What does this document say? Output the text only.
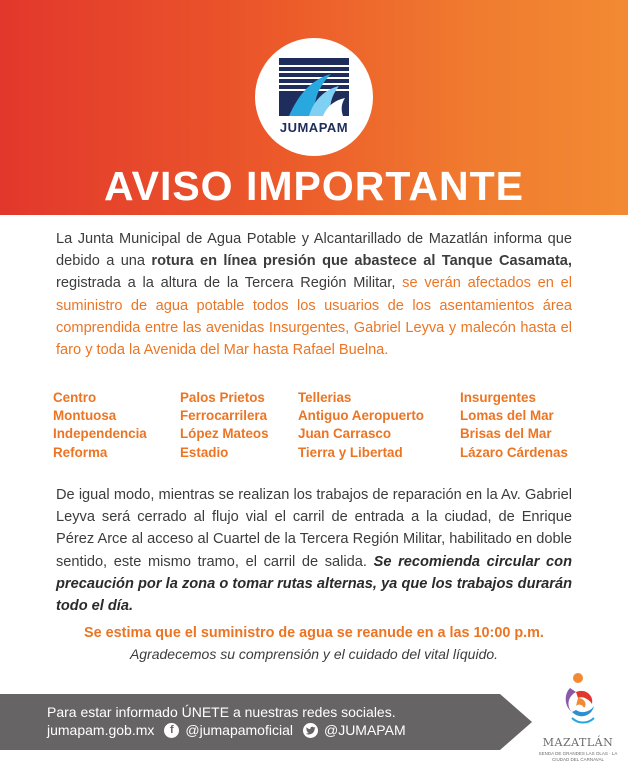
JUMAPAM
AVISO IMPORTANTE

La Junta Municipal de Agua Potable y Alcantarillado de Mazatlán informa que debido a una rotura en línea presión que abastece al Tanque Casamata, registrada a la altura de la Tercera Región Militar, se verán afectados en el suministro de agua potable todos los usuarios de los asentamientos área comprendida entre las avenidas Insurgentes, Gabriel Leyva y malecón hasta el faro y toda la Avenida del Mar hasta Rafael Buelna.

Centro
Montuosa
Independencia
Reforma
Palos Prietos
Ferrocarrilera
López Mateos
Estadio
Tellerias
Antiguo Aeropuerto
Juan Carrasco
Tierra y Libertad
Insurgentes
Lomas del Mar
Brisas del Mar
Lázaro Cárdenas

De igual modo, mientras se realizan los trabajos de reparación en la Av. Gabriel Leyva será cerrado al flujo vial el carril de entrada a la ciudad, de Enrique Pérez Arce al acceso al Cuartel de la Tercera Región Militar, habilitado en doble sentido, este mismo tramo, el carril de salida. Se recomienda circular con precaución por la zona o tomar rutas alternas, ya que los trabajos durarán todo el día.

Se estima que el suministro de agua se reanude en a las 10:00 p.m.
Agradecemos su comprensión y el cuidado del vital líquido.
Para estar informado ÚNETE a nuestras redes sociales.
jumapam.gob.mx	f @jumapamoficial @JUMAPAM
MAZATLÁN
SENDA DE GRANDES LAS OLAS · LA CIUDAD DEL CARNAVAL
